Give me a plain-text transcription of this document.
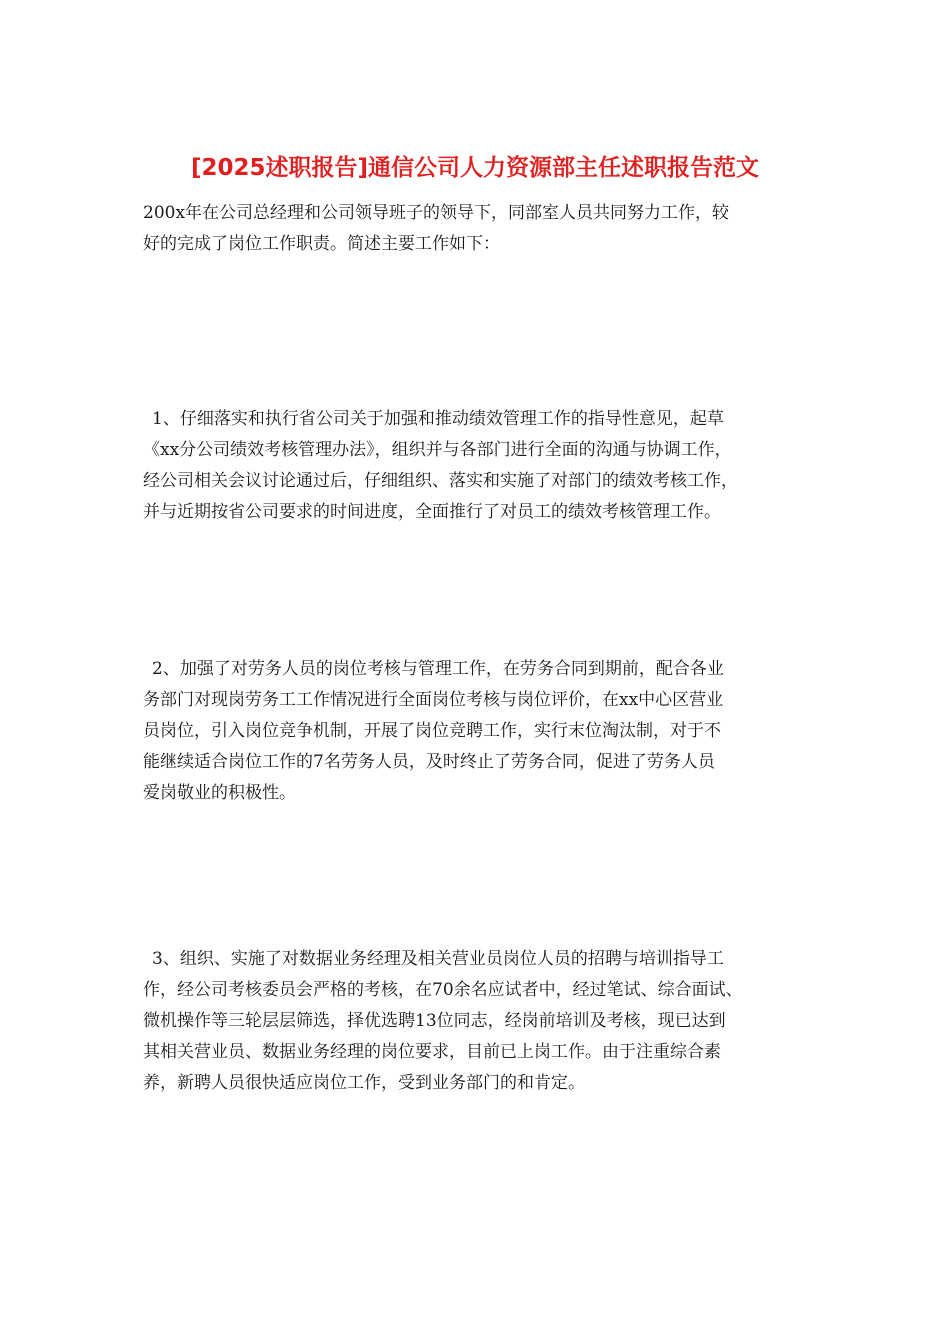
[2025述职报告]通信公司人力资源部主任述职报告范文

200x年在公司总经理和公司领导班子的领导下，同部室人员共同努力工作，较
好的完成了岗位工作职责。简述主要工作如下：

1、仔细落实和执行省公司关于加强和推动绩效管理工作的指导性意见，起草
《xx分公司绩效考核管理办法》，组织并与各部门进行全面的沟通与协调工作，
经公司相关会议讨论通过后，仔细组织、落实和实施了对部门的绩效考核工作，
并与近期按省公司要求的时间进度，全面推行了对员工的绩效考核管理工作。

2、加强了对劳务人员的岗位考核与管理工作，在劳务合同到期前，配合各业
务部门对现岗劳务工工作情况进行全面岗位考核与岗位评价，在xx中心区营业
员岗位，引入岗位竞争机制，开展了岗位竞聘工作，实行末位淘汰制，对于不
能继续适合岗位工作的7名劳务人员，及时终止了劳务合同，促进了劳务人员
爱岗敬业的积极性。

3、组织、实施了对数据业务经理及相关营业员岗位人员的招聘与培训指导工
作，经公司考核委员会严格的考核，在70余名应试者中，经过笔试、综合面试、
微机操作等三轮层层筛选，择优选聘13位同志，经岗前培训及考核，现已达到
其相关营业员、数据业务经理的岗位要求，目前已上岗工作。由于注重综合素
养，新聘人员很快适应岗位工作，受到业务部门的和肯定。
